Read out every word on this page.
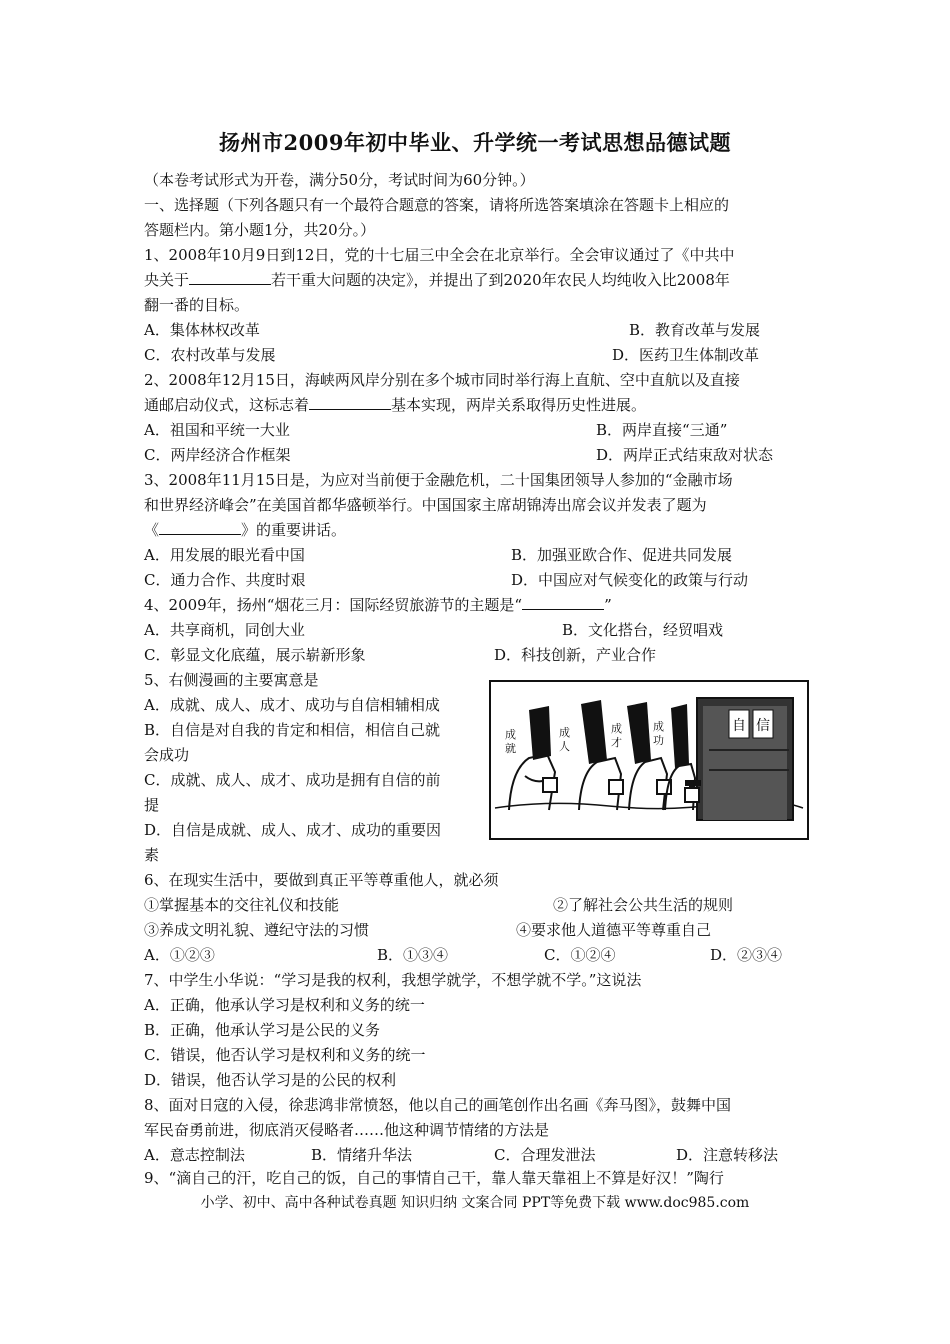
扬州市2009年初中毕业、升学统一考试思想品德试题
（本卷考试形式为开卷，满分50分，考试时间为60分钟。）
一、选择题（下列各题只有一个最符合题意的答案，请将所选答案填涂在答题卡上相应的
答题栏内。第小题1分，共20分。）
1、2008年10月9日到12日，党的十七届三中全会在北京举行。全会审议通过了《中共中
央关于	若干重大问题的决定》，并提出了到2020年农民人均纯收入比2008年
翻一番的目标。
A．集体林权改革	B．教育改革与发展
C．农村改革与发展	D．医药卫生体制改革
2、2008年12月15日，海峡两风岸分别在多个城市同时举行海上直航、空中直航以及直接
通邮启动仪式，这标志着	基本实现，两岸关系取得历史性进展。
A．祖国和平统一大业	B．两岸直接“三通”
C．两岸经济合作框架	D．两岸正式结束敌对状态
3、2008年11月15日是，为应对当前便于金融危机，二十国集团领导人参加的“金融市场
和世界经济峰会”在美国首都华盛顿举行。中国国家主席胡锦涛出席会议并发表了题为
《	》的重要讲话。
A．用发展的眼光看中国	B．加强亚欧合作、促进共同发展
C．通力合作、共度时艰	D．中国应对气候变化的政策与行动
4、2009年，扬州“烟花三月：国际经贸旅游节的主题是“	”
A．共享商机，同创大业	B．文化搭台，经贸唱戏
C．彰显文化底蕴，展示崭新形象	D．科技创新，产业合作
5、右侧漫画的主要寓意是
A．成就、成人、成才、成功与自信相辅相成
B．自信是对自我的肯定和相信，相信自己就
会成功
C．成就、成人、成才、成功是拥有自信的前
提
D．自信是成就、成人、成才、成功的重要因
素
自 信
成
就
成
人
成
才
成
功
6、在现实生活中，要做到真正平等尊重他人，就必须
①掌握基本的交往礼仪和技能	②了解社会公共生活的规则
③养成文明礼貌、遵纪守法的习惯	④要求他人道德平等尊重自己
A．①②③	B．①③④	C．①②④	D．②③④
7、中学生小华说：“学习是我的权利，我想学就学，不想学就不学。”这说法
A．正确，他承认学习是权利和义务的统一
B．正确，他承认学习是公民的义务
C．错误，他否认学习是权利和义务的统一
D．错误，他否认学习是的公民的权利
8、面对日寇的入侵，徐悲鸿非常愤怒，他以自己的画笔创作出名画《奔马图》，鼓舞中国
军民奋勇前进，彻底消灭侵略者……他这种调节情绪的方法是
A．意志控制法	B．情绪升华法	C．合理发泄法	D．注意转移法
9、“滴自己的汗，吃自己的饭，自己的事情自己干，靠人靠天靠祖上不算是好汉！”陶行
小学、初中、高中各种试卷真题 知识归纳 文案合同 PPT等免费下载 www.doc985.com
